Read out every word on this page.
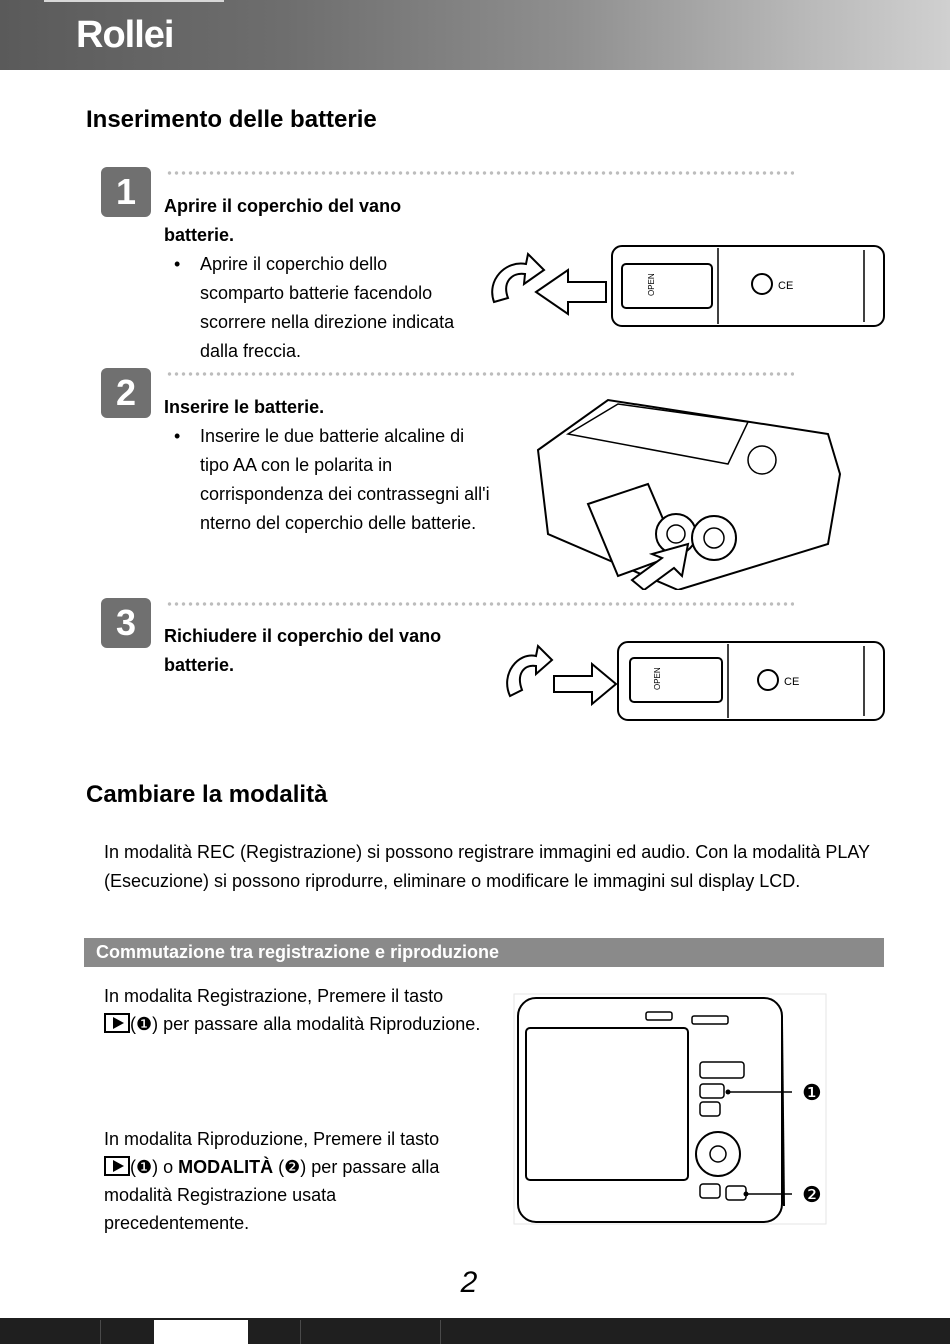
Rollei
Inserimento delle batterie
1	Aprire il coperchio del vano batterie.
• Aprire il coperchio dello scomparto batterie facendolo scorrere nella direzione indicata dalla freccia.
OPEN	CE
2	Inserire le batterie.
• Inserire le due batterie alcaline di tipo AA con le polarita in corrispondenza dei contrassegni all'i nterno del coperchio delle batterie.
3	Richiudere il coperchio del vano batterie.
OPEN	CE
Cambiare la modalità
In modalità REC (Registrazione) si possono registrare immagini ed audio. Con la modalità PLAY (Esecuzione) si possono riprodurre, eliminare o modificare le immagini sul display LCD.
Commutazione tra registrazione e riproduzione
In modalita Registrazione, Premere il tasto
(❶) per passare alla modalità Riproduzione.
In modalita Riproduzione, Premere il tasto
(❶) o MODALITÀ (❷) per passare alla modalità Registrazione usata precedentemente.
❶
❷
2
